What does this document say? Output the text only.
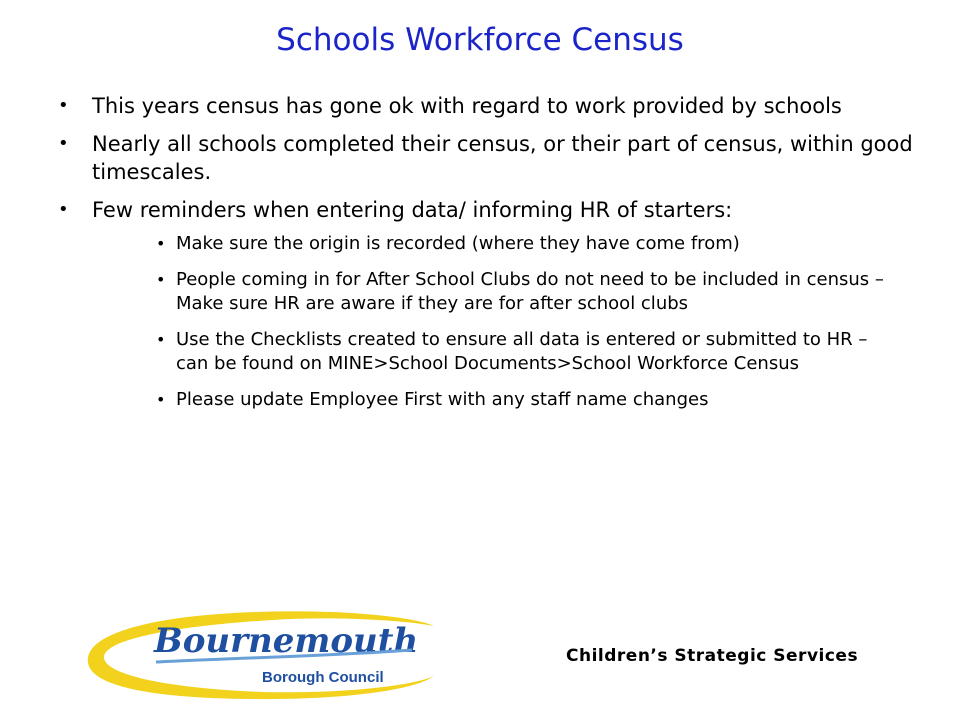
Schools Workforce Census
• This years census has gone ok with regard to work provided by schools
• Nearly all schools completed their census, or their part of census, within good timescales.
• Few reminders when entering data/ informing HR of starters:
• Make sure the origin is recorded (where they have come from)
• People coming in for After School Clubs do not need to be included in census – Make sure HR are aware if they are for after school clubs
• Use the Checklists created to ensure all data is entered or submitted to HR – can be found on MINE>School Documents>School Workforce Census
• Please update Employee First with any staff name changes
Bournemouth
Borough Council
Children’s Strategic Services
